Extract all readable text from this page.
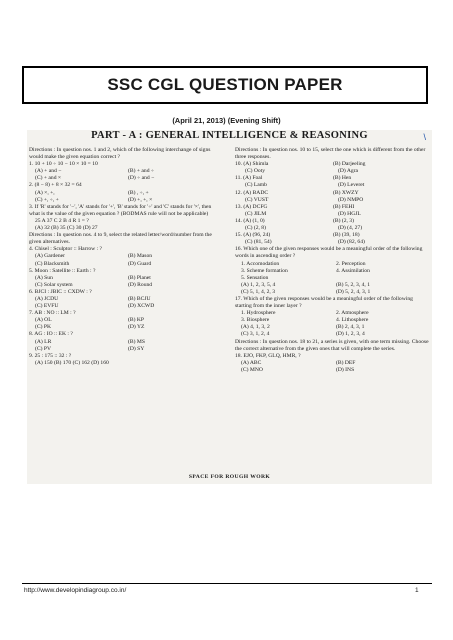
SSC CGL QUESTION PAPER
(April 21, 2013) (Evening Shift)
PART - A : GENERAL INTELLIGENCE & REASONING	\

Directions : In question nos. 1 and 2, which of the following interchange of signs would make the given equation correct ?

1. 10 + 10 ÷ 10 − 10 × 10 = 10

(A) + and −	(B) + and ÷
(C) + and ×	(D) ÷ and −

2. (8 − 8) + 8 × 32 = 64

(A) ×, +,	(B) , ÷, +
(C) +, ÷, +	(D) +, +, ×

3. If 'R' stands for '−', 'A' stands for '+', 'B' stands for '÷' and 'C' stands for '×', then what is the value of the given equation ? (BODMAS rule will not be applicable)

25 A 37 C 2 B 4 R 1 = ?

(A) 32 (B) 35 (C) 30 (D) 27

Directions : In question nos. 4 to 9, select the related letter/word/number from the given alternatives.

4. Chisel : Sculptor :: Harrow : ?

(A) Gardener	(B) Mason
(C) Blacksmith	(D) Guard

5. Moon : Satellite :: Earth : ?

(A) Sun	(B) Planet
(C) Solar system	(D) Round

6. BJCI : JBIC :: CXDW : ?

(A) JCDU	(B) BCJU
(C) EVFU	(D) XCWD

7. AB : NO :: LM : ?

(A) OL	(B) KP
(C) PK	(D) YZ

8. AG : IO :: EK : ?

(A) LR	(B) MS
(C) PV	(D) SY

9. 25 : 175 :: 32 : ?

(A) 150 (B) 170 (C) 162 (D) 160

Directions : In question nos. 10 to 15, select the one which is different from the other three responses.

10. (A) Shimla	(B) Darjeeling
(C) Ooty	(D) Agra
11. (A) Foal	(B) Hen
(C) Lamb	(D) Leveret
12. (A) BADC	(B) XWZY
(C) VUST	(D) NMPO
13. (A) DCFG	(B) FEHI
(C) JILM	(D) HGJL
14. (A) (1, 0)	(B) (2, 3)
(C) (2, 8)	(D) (4, 27)
15. (A) (96, 24)	(B) (39, 18)
(C) (81, 54)	(D) (82, 64)

16. Which one of the given responses would be a meaningful order of the following words in ascending order ?

1. Accomodation	2. Perception
3. Scheme formation	4. Assimilation
5. Sensation
(A) 1, 2, 3, 5, 4	(B) 5, 2, 3, 4, 1
(C) 5, 1, 4, 2, 3	(D) 5, 2, 4, 3, 1

17. Which of the given responses would be a meaningful order of the following starting from the inner layer ?

1. Hydrosphere	2. Atmosphere
3. Biosphere	4. Lithosphere
(A) 4, 1, 3, 2	(B) 2, 4, 3, 1
(C) 3, 1, 2, 4	(D) 1, 2, 3, 4

Directions : In question nos. 18 to 21, a series is given, with one term missing. Choose the correct alternative from the given ones that will complete the series.

18. EJO, FKP, GLQ, HMR, ?

(A) ABC	(B) DEF
(C) MNO	(D) INS
SPACE FOR ROUGH WORK
http://www.developindiagroup.co.in/	1
